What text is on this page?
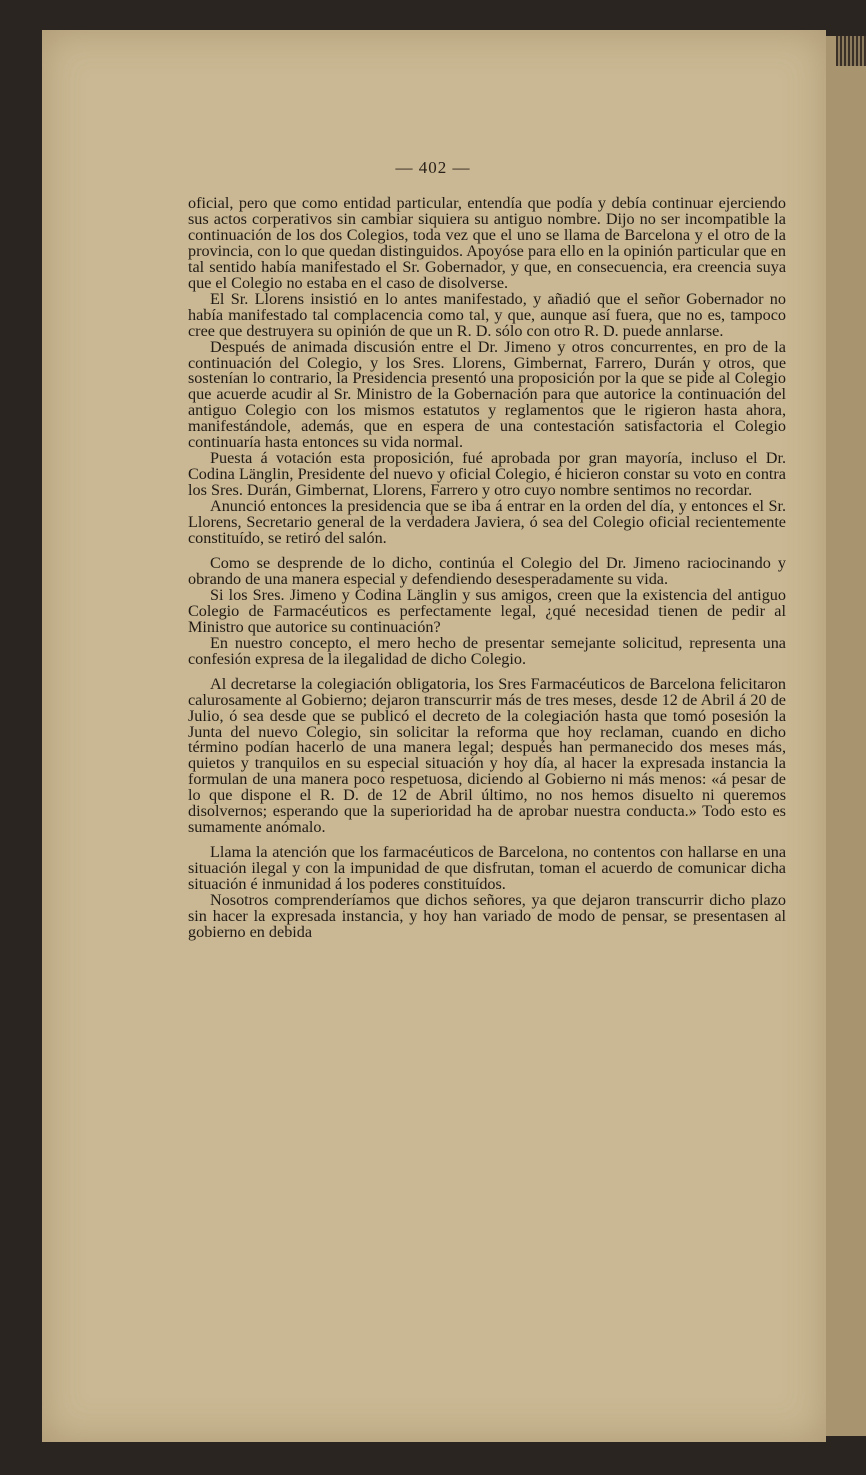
— 402 —

oficial, pero que como entidad particular, entendía que podía y debía continuar ejerciendo sus actos corperativos sin cambiar siquiera su antiguo nombre. Dijo no ser incompatible la continuación de los dos Colegios, toda vez que el uno se llama de Barcelona y el otro de la provincia, con lo que quedan distinguidos. Apoyóse para ello en la opinión particular que en tal sentido había manifestado el Sr. Gobernador, y que, en consecuencia, era creencia suya que el Colegio no estaba en el caso de disolverse.

El Sr. Llorens insistió en lo antes manifestado, y añadió que el señor Gobernador no había manifestado tal complacencia como tal, y que, aunque así fuera, que no es, tampoco cree que destruyera su opinión de que un R. D. sólo con otro R. D. puede annlarse.

Después de animada discusión entre el Dr. Jimeno y otros concurrentes, en pro de la continuación del Colegio, y los Sres. Llorens, Gimbernat, Farrero, Durán y otros, que sostenían lo contrario, la Presidencia presentó una proposición por la que se pide al Colegio que acuerde acudir al Sr. Ministro de la Gobernación para que autorice la continuación del antiguo Colegio con los mismos estatutos y reglamentos que le rigieron hasta ahora, manifestándole, además, que en espera de una contestación satisfactoria el Colegio continuaría hasta entonces su vida normal.

Puesta á votación esta proposición, fué aprobada por gran mayoría, incluso el Dr. Codina Länglin, Presidente del nuevo y oficial Colegio, é hicieron constar su voto en contra los Sres. Durán, Gimbernat, Llorens, Farrero y otro cuyo nombre sentimos no recordar.

Anunció entonces la presidencia que se iba á entrar en la orden del día, y entonces el Sr. Llorens, Secretario general de la verdadera Javiera, ó sea del Colegio oficial recientemente constituído, se retiró del salón.

Como se desprende de lo dicho, continúa el Colegio del Dr. Jimeno raciocinando y obrando de una manera especial y defendiendo desesperadamente su vida.

Si los Sres. Jimeno y Codina Länglin y sus amigos, creen que la existencia del antiguo Colegio de Farmacéuticos es perfectamente legal, ¿qué necesidad tienen de pedir al Ministro que autorice su continuación?

En nuestro concepto, el mero hecho de presentar semejante solicitud, representa una confesión expresa de la ilegalidad de dicho Colegio.

Al decretarse la colegiación obligatoria, los Sres Farmacéuticos de Barcelona felicitaron calurosamente al Gobierno; dejaron transcurrir más de tres meses, desde 12 de Abril á 20 de Julio, ó sea desde que se publicó el decreto de la colegiación hasta que tomó posesión la Junta del nuevo Colegio, sin solicitar la reforma que hoy reclaman, cuando en dicho término podían hacerlo de una manera legal; después han permanecido dos meses más, quietos y tranquilos en su especial situación y hoy día, al hacer la expresada instancia la formulan de una manera poco respetuosa, diciendo al Gobierno ni más menos: «á pesar de lo que dispone el R. D. de 12 de Abril último, no nos hemos disuelto ni queremos disolvernos; esperando que la superioridad ha de aprobar nuestra conducta.» Todo esto es sumamente anómalo.

Llama la atención que los farmacéuticos de Barcelona, no contentos con hallarse en una situación ilegal y con la impunidad de que disfrutan, toman el acuerdo de comunicar dicha situación é inmunidad á los poderes constituídos.

Nosotros comprenderíamos que dichos señores, ya que dejaron transcurrir dicho plazo sin hacer la expresada instancia, y hoy han variado de modo de pensar, se presentasen al gobierno en debida
